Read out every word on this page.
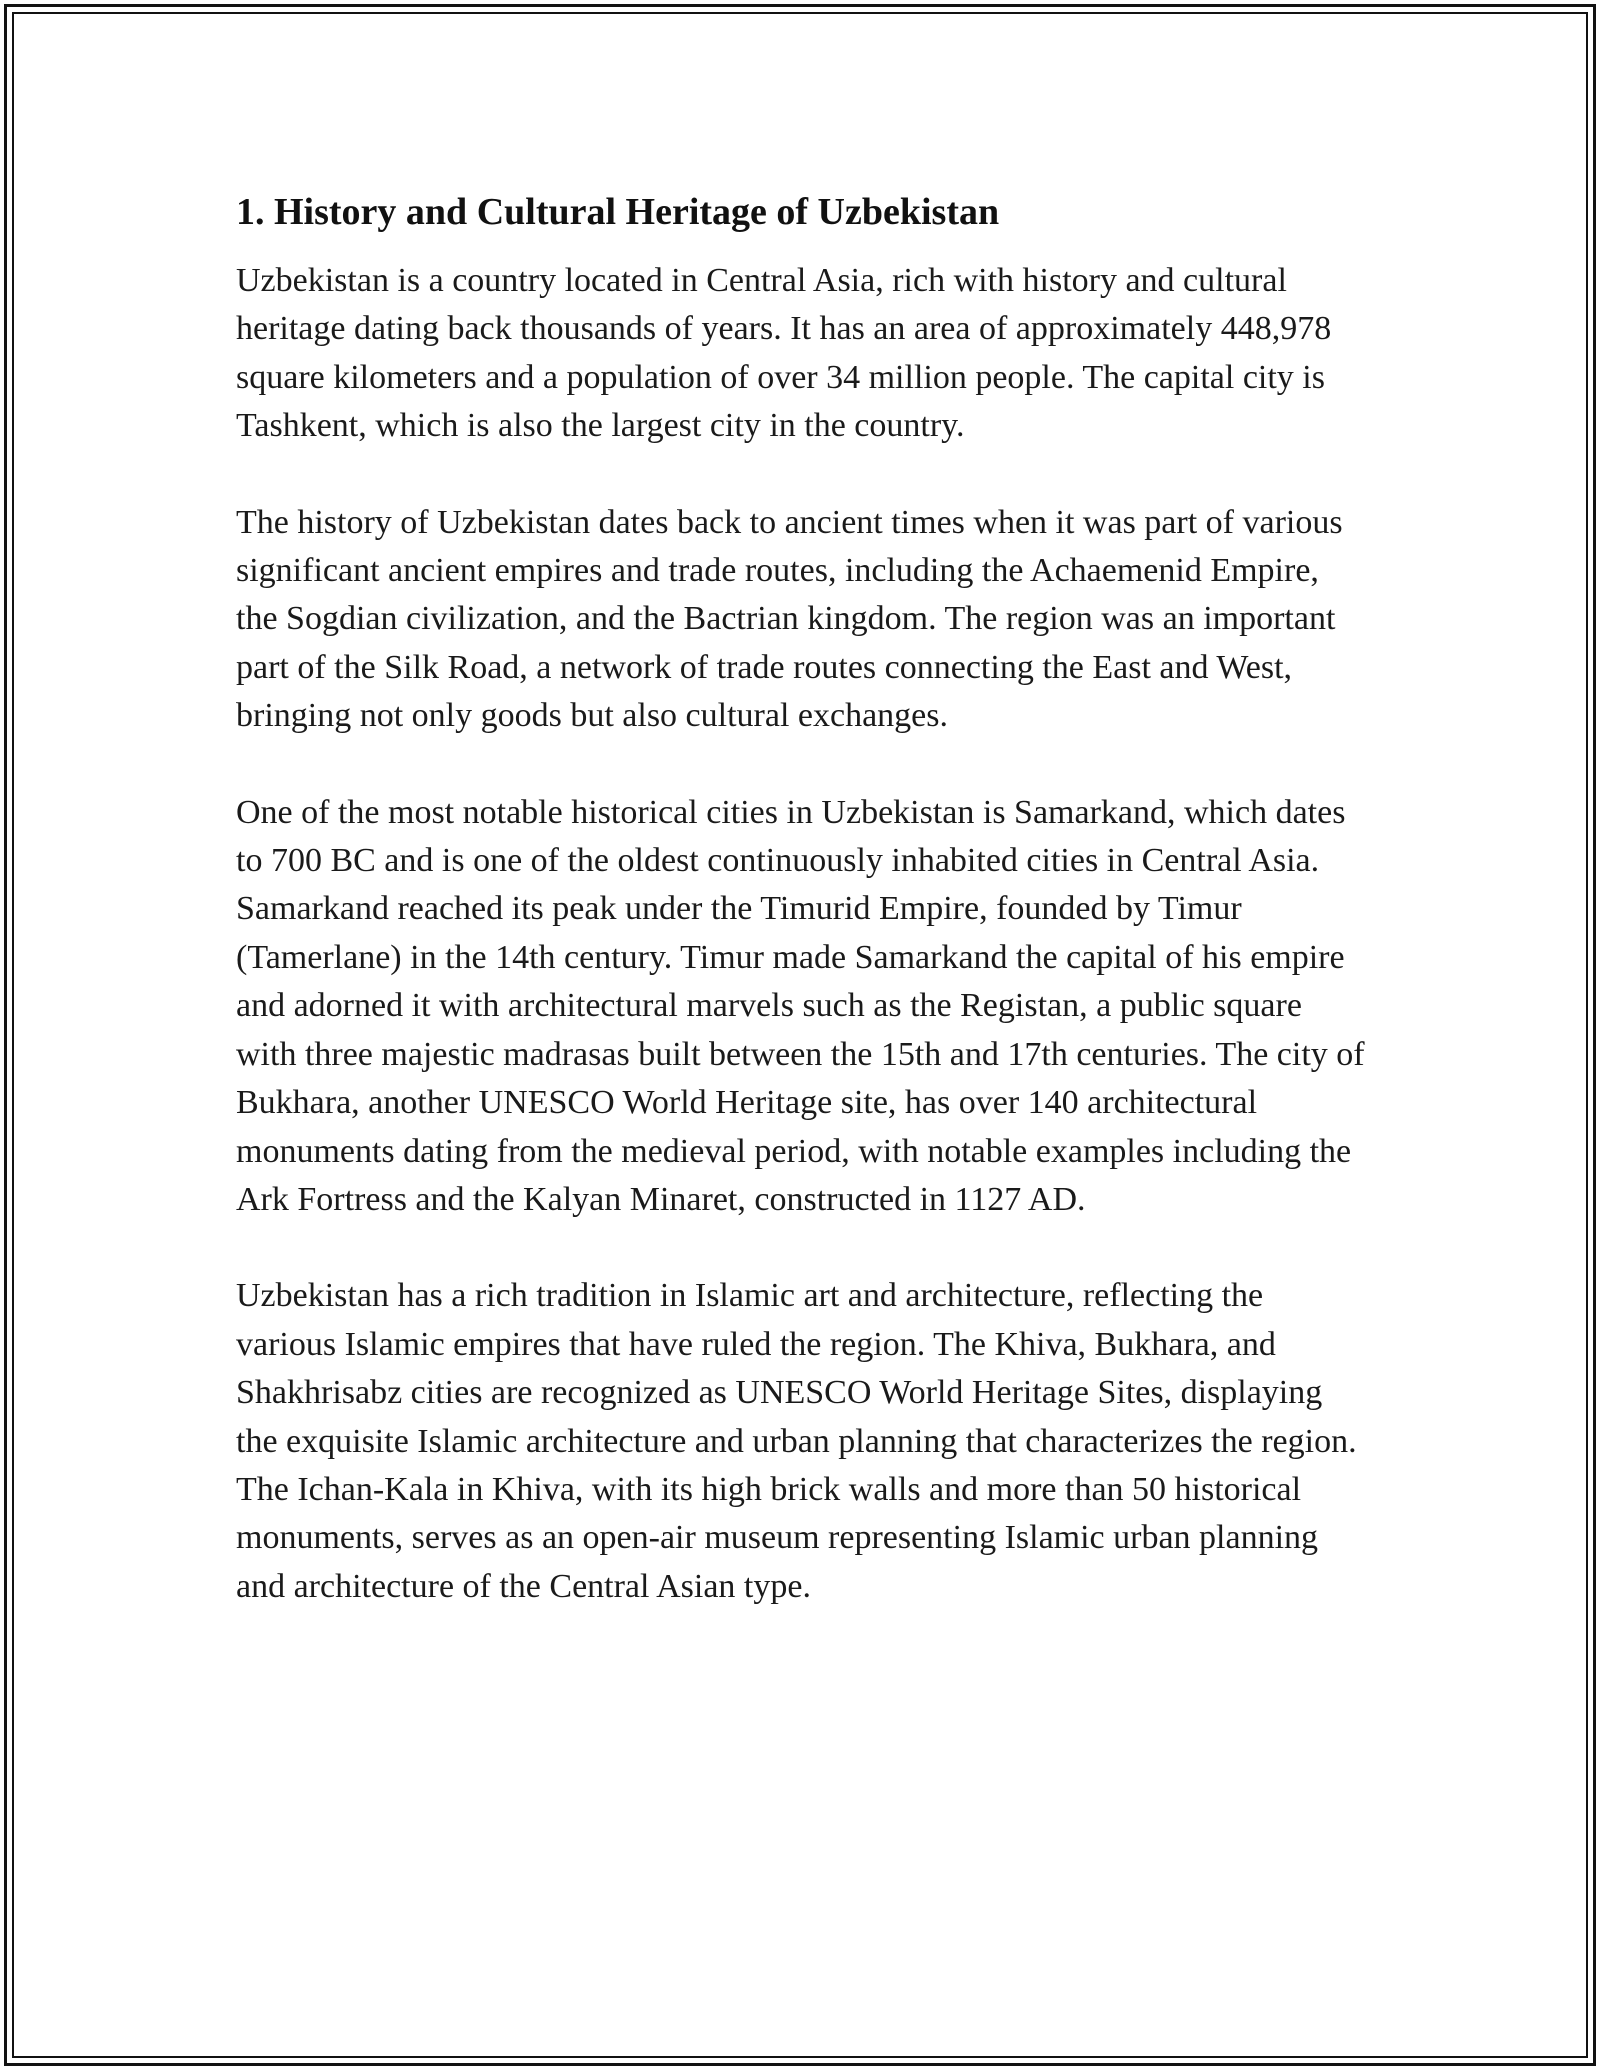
1. History and Cultural Heritage of Uzbekistan

Uzbekistan is a country located in Central Asia, rich with history and cultural heritage dating back thousands of years. It has an area of approximately 448,978 square kilometers and a population of over 34 million people. The capital city is Tashkent, which is also the largest city in the country.

The history of Uzbekistan dates back to ancient times when it was part of various significant ancient empires and trade routes, including the Achaemenid Empire, the Sogdian civilization, and the Bactrian kingdom. The region was an important part of the Silk Road, a network of trade routes connecting the East and West, bringing not only goods but also cultural exchanges.

One of the most notable historical cities in Uzbekistan is Samarkand, which dates to 700 BC and is one of the oldest continuously inhabited cities in Central Asia. Samarkand reached its peak under the Timurid Empire, founded by Timur (Tamerlane) in the 14th century. Timur made Samarkand the capital of his empire and adorned it with architectural marvels such as the Registan, a public square with three majestic madrasas built between the 15th and 17th centuries. The city of Bukhara, another UNESCO World Heritage site, has over 140 architectural monuments dating from the medieval period, with notable examples including the Ark Fortress and the Kalyan Minaret, constructed in 1127 AD.

Uzbekistan has a rich tradition in Islamic art and architecture, reflecting the various Islamic empires that have ruled the region. The Khiva, Bukhara, and Shakhrisabz cities are recognized as UNESCO World Heritage Sites, displaying the exquisite Islamic architecture and urban planning that characterizes the region. The Ichan-Kala in Khiva, with its high brick walls and more than 50 historical monuments, serves as an open-air museum representing Islamic urban planning and architecture of the Central Asian type.
